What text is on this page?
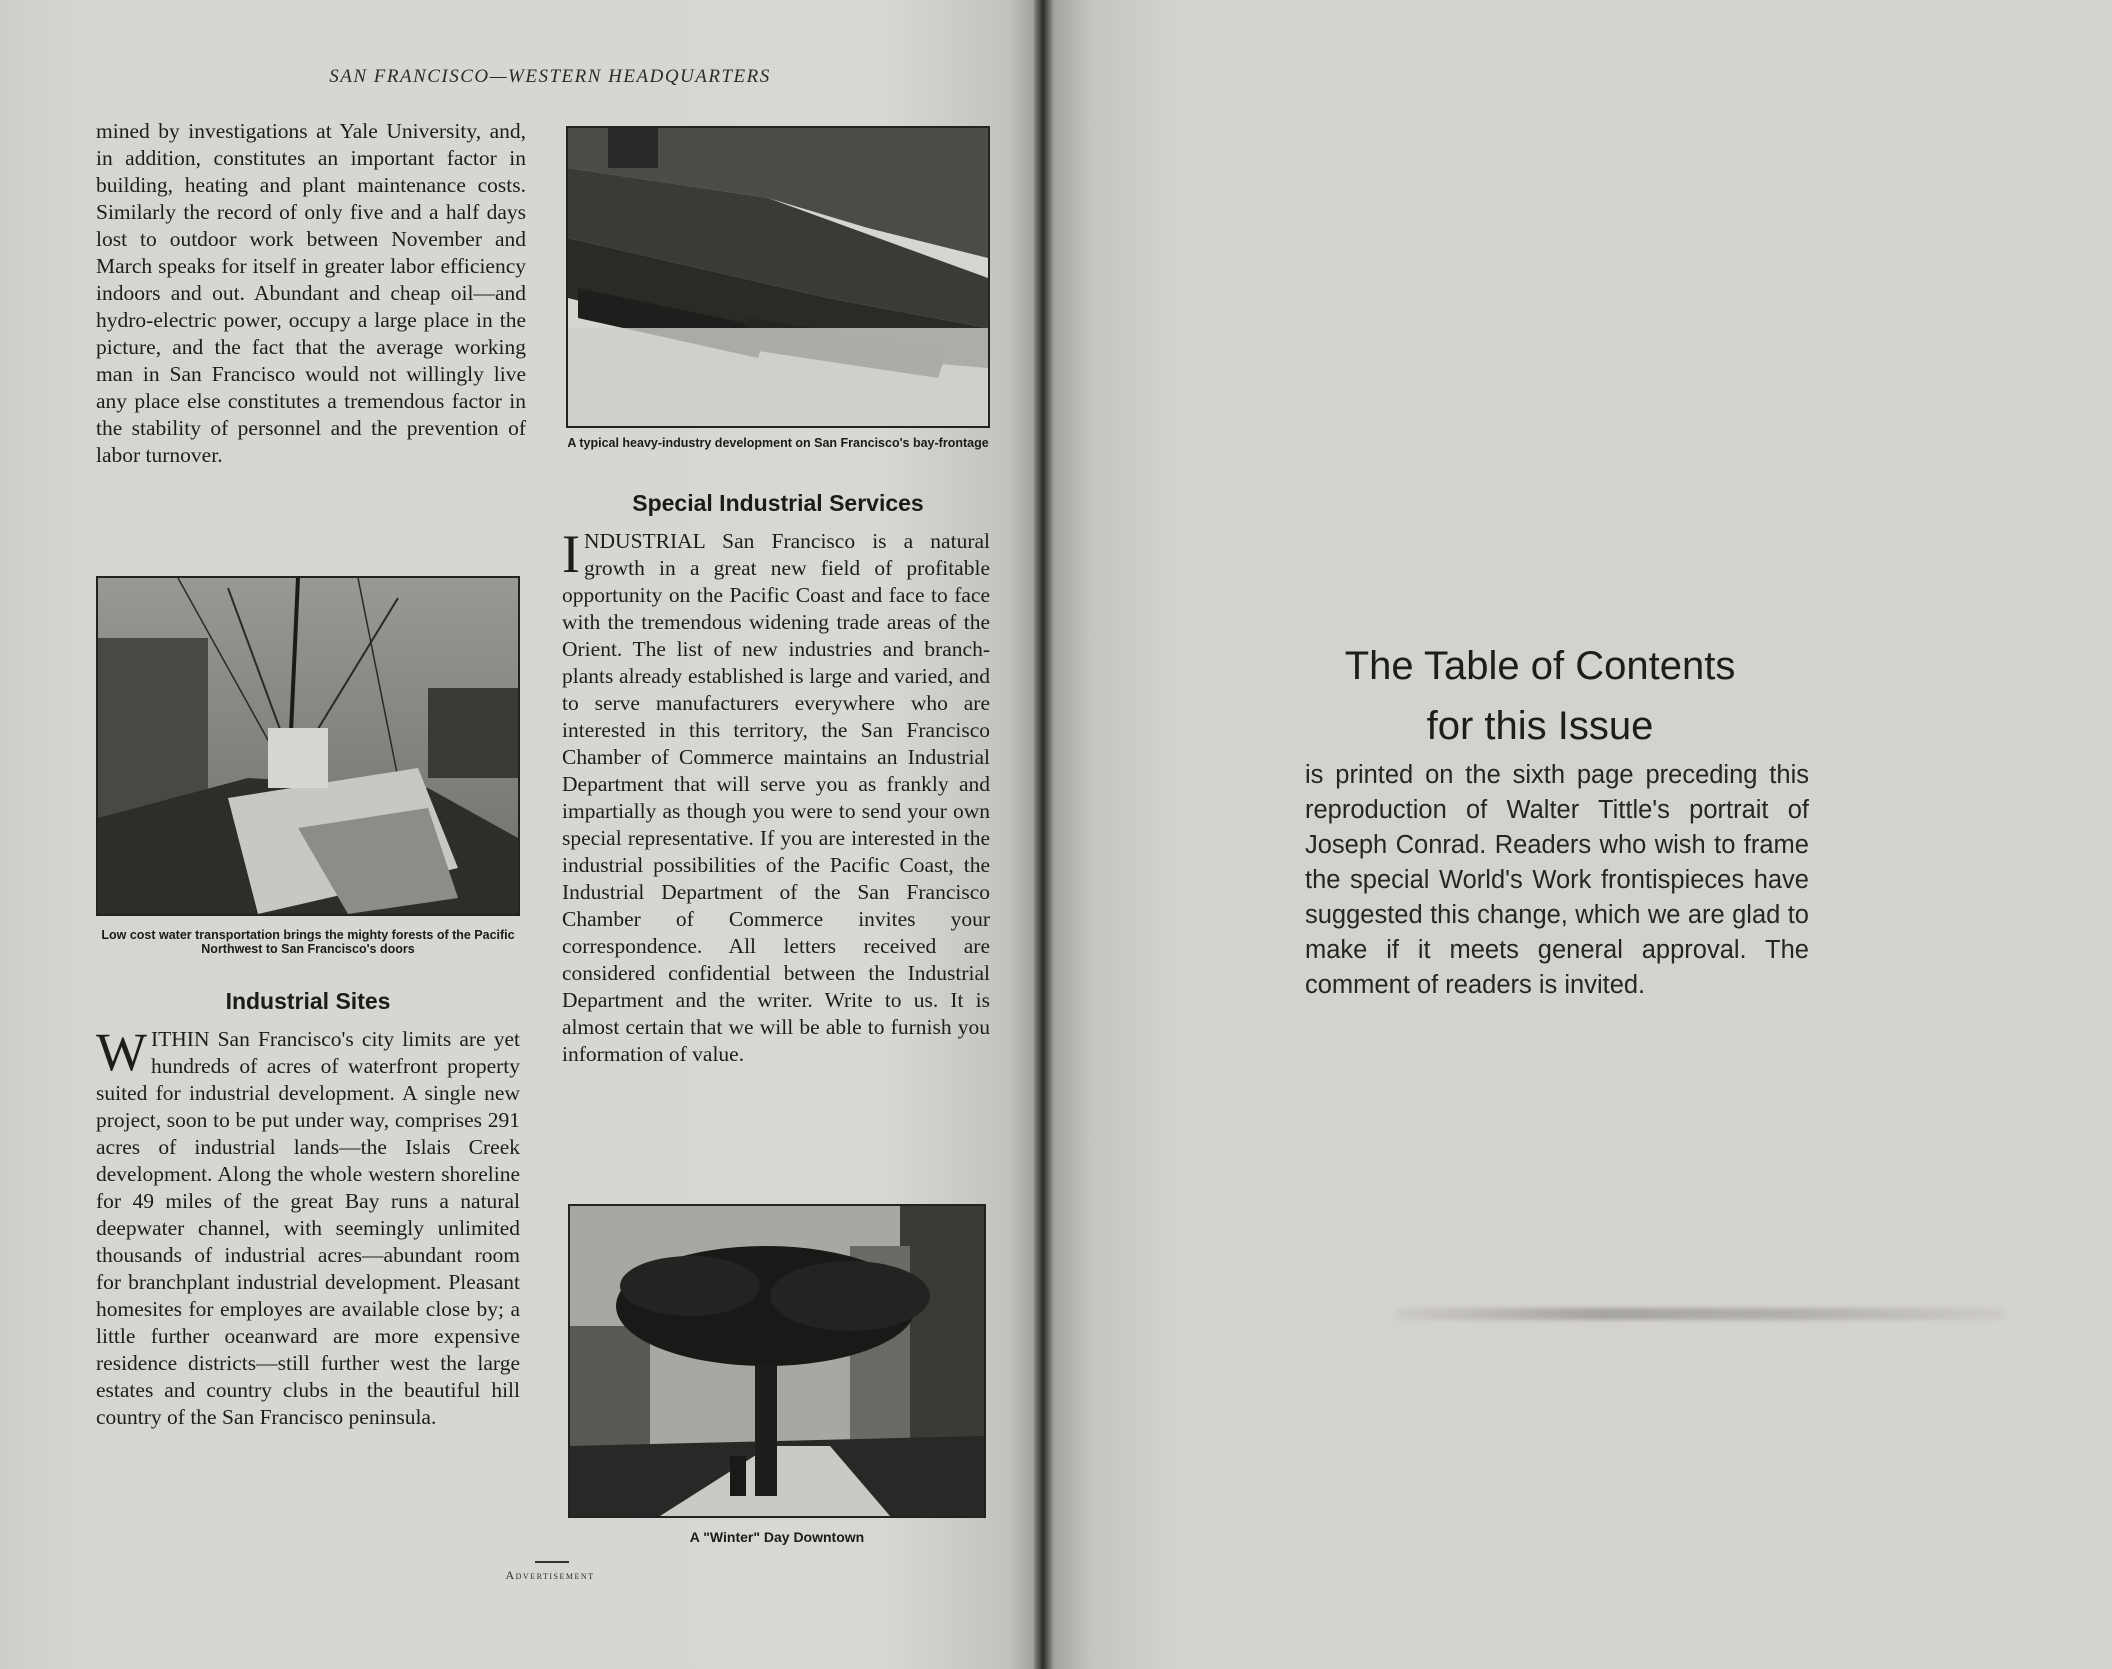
SAN FRANCISCO—WESTERN HEADQUARTERS

mined by investigations at Yale University, and, in addition, constitutes an important factor in building, heating and plant maintenance costs. Similarly the record of only five and a half days lost to outdoor work between November and March speaks for itself in greater labor efficiency indoors and out. Abundant and cheap oil—and hydro-electric power, occupy a large place in the picture, and the fact that the average working man in San Francisco would not willingly live any place else constitutes a tremendous factor in the stability of personnel and the prevention of labor turnover.

Low cost water transportation brings the mighty forests of the Pacific Northwest to San Francisco's doors
Industrial Sites

WITHIN San Francisco's city limits are yet hundreds of acres of waterfront property suited for industrial development. A single new project, soon to be put under way, comprises 291 acres of industrial lands—the Islais Creek development. Along the whole western shoreline for 49 miles of the great Bay runs a natural deepwater channel, with seemingly unlimited thousands of industrial acres—abundant room for branchplant industrial development. Pleasant homesites for employes are available close by; a little further oceanward are more expensive residence districts—still further west the large estates and country clubs in the beautiful hill country of the San Francisco peninsula.

A typical heavy-industry development on San Francisco's bay-frontage
Special Industrial Services

INDUSTRIAL San Francisco is a natural growth in a great new field of profitable opportunity on the Pacific Coast and face to face with the tremendous widening trade areas of the Orient. The list of new industries and branch-plants already established is large and varied, and to serve manufacturers everywhere who are interested in this territory, the San Francisco Chamber of Commerce maintains an Industrial Department that will serve you as frankly and impartially as though you were to send your own special representative. If you are interested in the industrial possibilities of the Pacific Coast, the Industrial Department of the San Francisco Chamber of Commerce invites your correspondence. All letters received are considered confidential between the Industrial Department and the writer. Write to us. It is almost certain that we will be able to furnish you information of value.

A "Winter" Day Downtown
Advertisement
The Table of Contents
for this Issue
is printed on the sixth page preceding this reproduction of Walter Tittle's portrait of Joseph Conrad. Readers who wish to frame the special World's Work frontispieces have suggested this change, which we are glad to make if it meets general approval. The comment of readers is invited.
